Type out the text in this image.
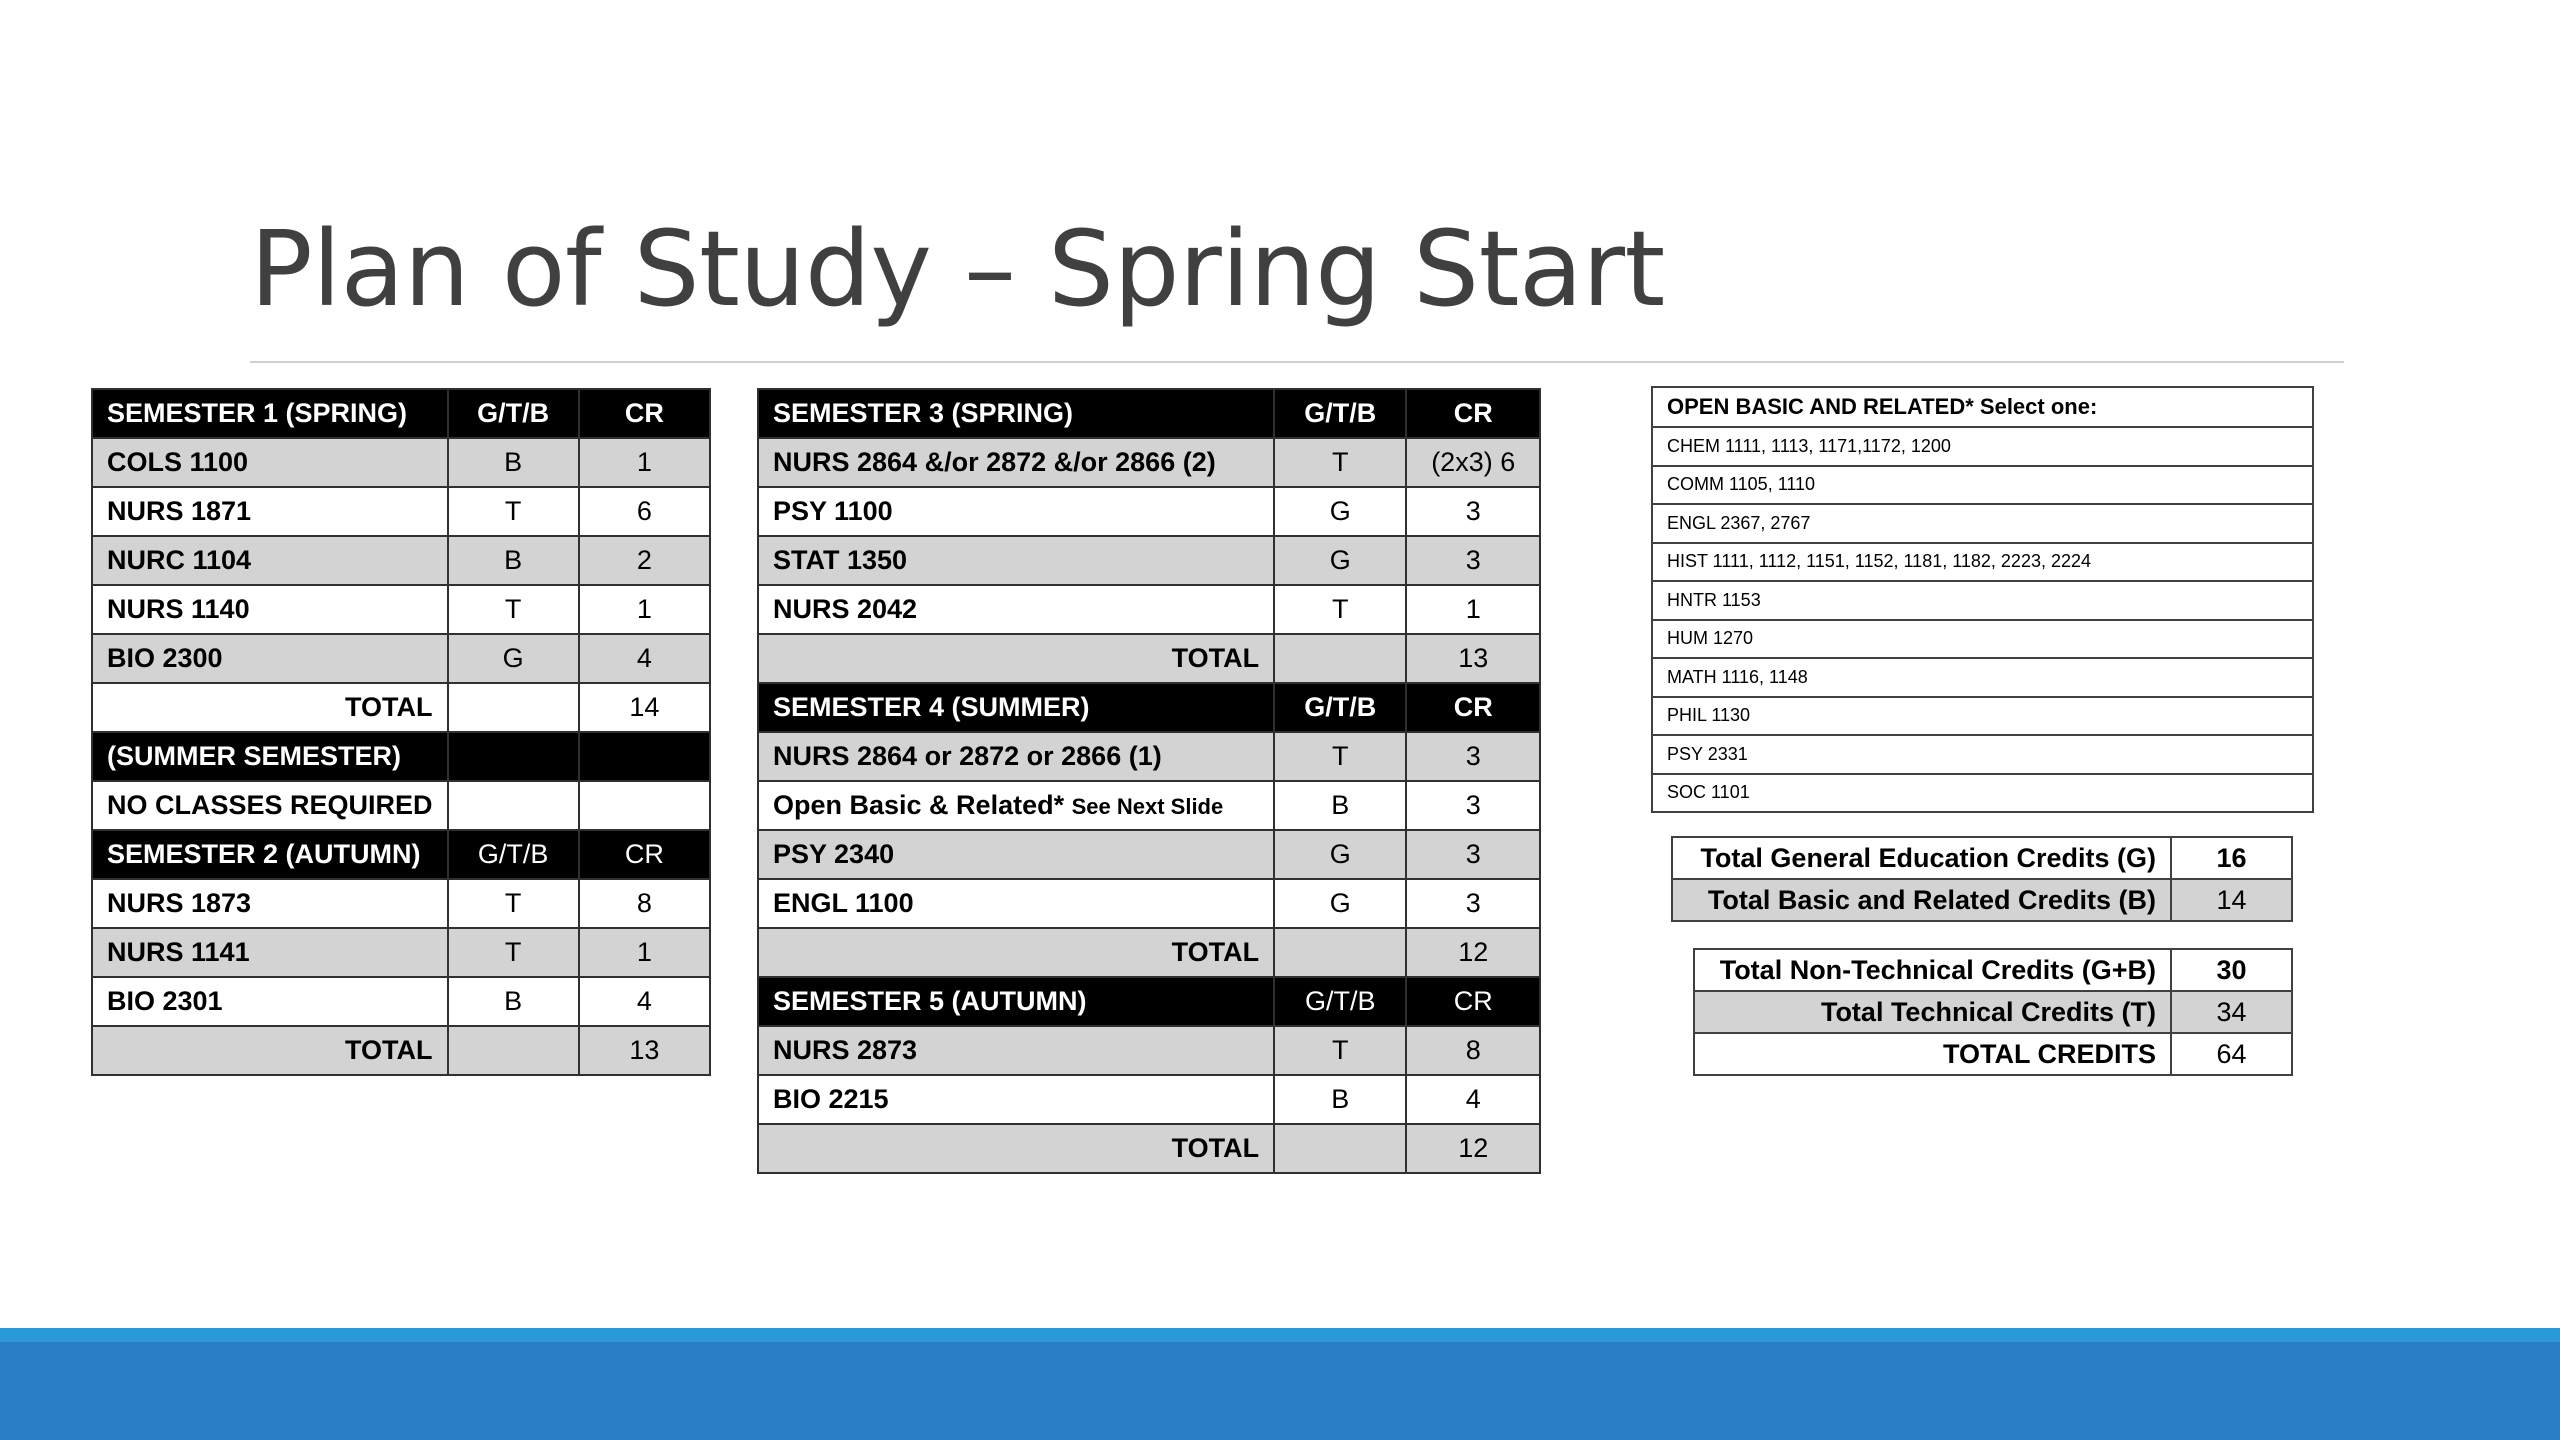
Plan of Study – Spring Start
SEMESTER 1 (SPRING)	G/T/B	CR
COLS 1100	B	1
NURS 1871	T	6
NURC 1104	B	2
NURS 1140	T	1
BIO 2300	G	4
TOTAL		14
(SUMMER SEMESTER)		
NO CLASSES REQUIRED		
SEMESTER 2 (AUTUMN)	G/T/B	CR
NURS 1873	T	8
NURS 1141	T	1
BIO 2301	B	4
TOTAL		13
SEMESTER 3 (SPRING)	G/T/B	CR
NURS 2864 &/or 2872 &/or 2866 (2)	T	(2x3) 6
PSY 1100	G	3
STAT 1350	G	3
NURS 2042	T	1
TOTAL		13
SEMESTER 4 (SUMMER)	G/T/B	CR
NURS 2864 or 2872 or 2866 (1)	T	3
Open Basic & Related* See Next Slide	B	3
PSY 2340	G	3
ENGL 1100	G	3
TOTAL		12
SEMESTER 5 (AUTUMN)	G/T/B	CR
NURS 2873	T	8
BIO 2215	B	4
TOTAL		12
OPEN BASIC AND RELATED* Select one:
CHEM 1111, 1113, 1171,1172, 1200
COMM 1105, 1110
ENGL 2367, 2767
HIST 1111, 1112, 1151, 1152, 1181, 1182, 2223, 2224
HNTR 1153
HUM 1270
MATH 1116, 1148
PHIL 1130
PSY 2331
SOC 1101
Total General Education Credits (G)	16
Total Basic and Related Credits (B)	14
Total Non-Technical Credits (G+B)	30
Total Technical Credits (T)	34
TOTAL CREDITS	64
